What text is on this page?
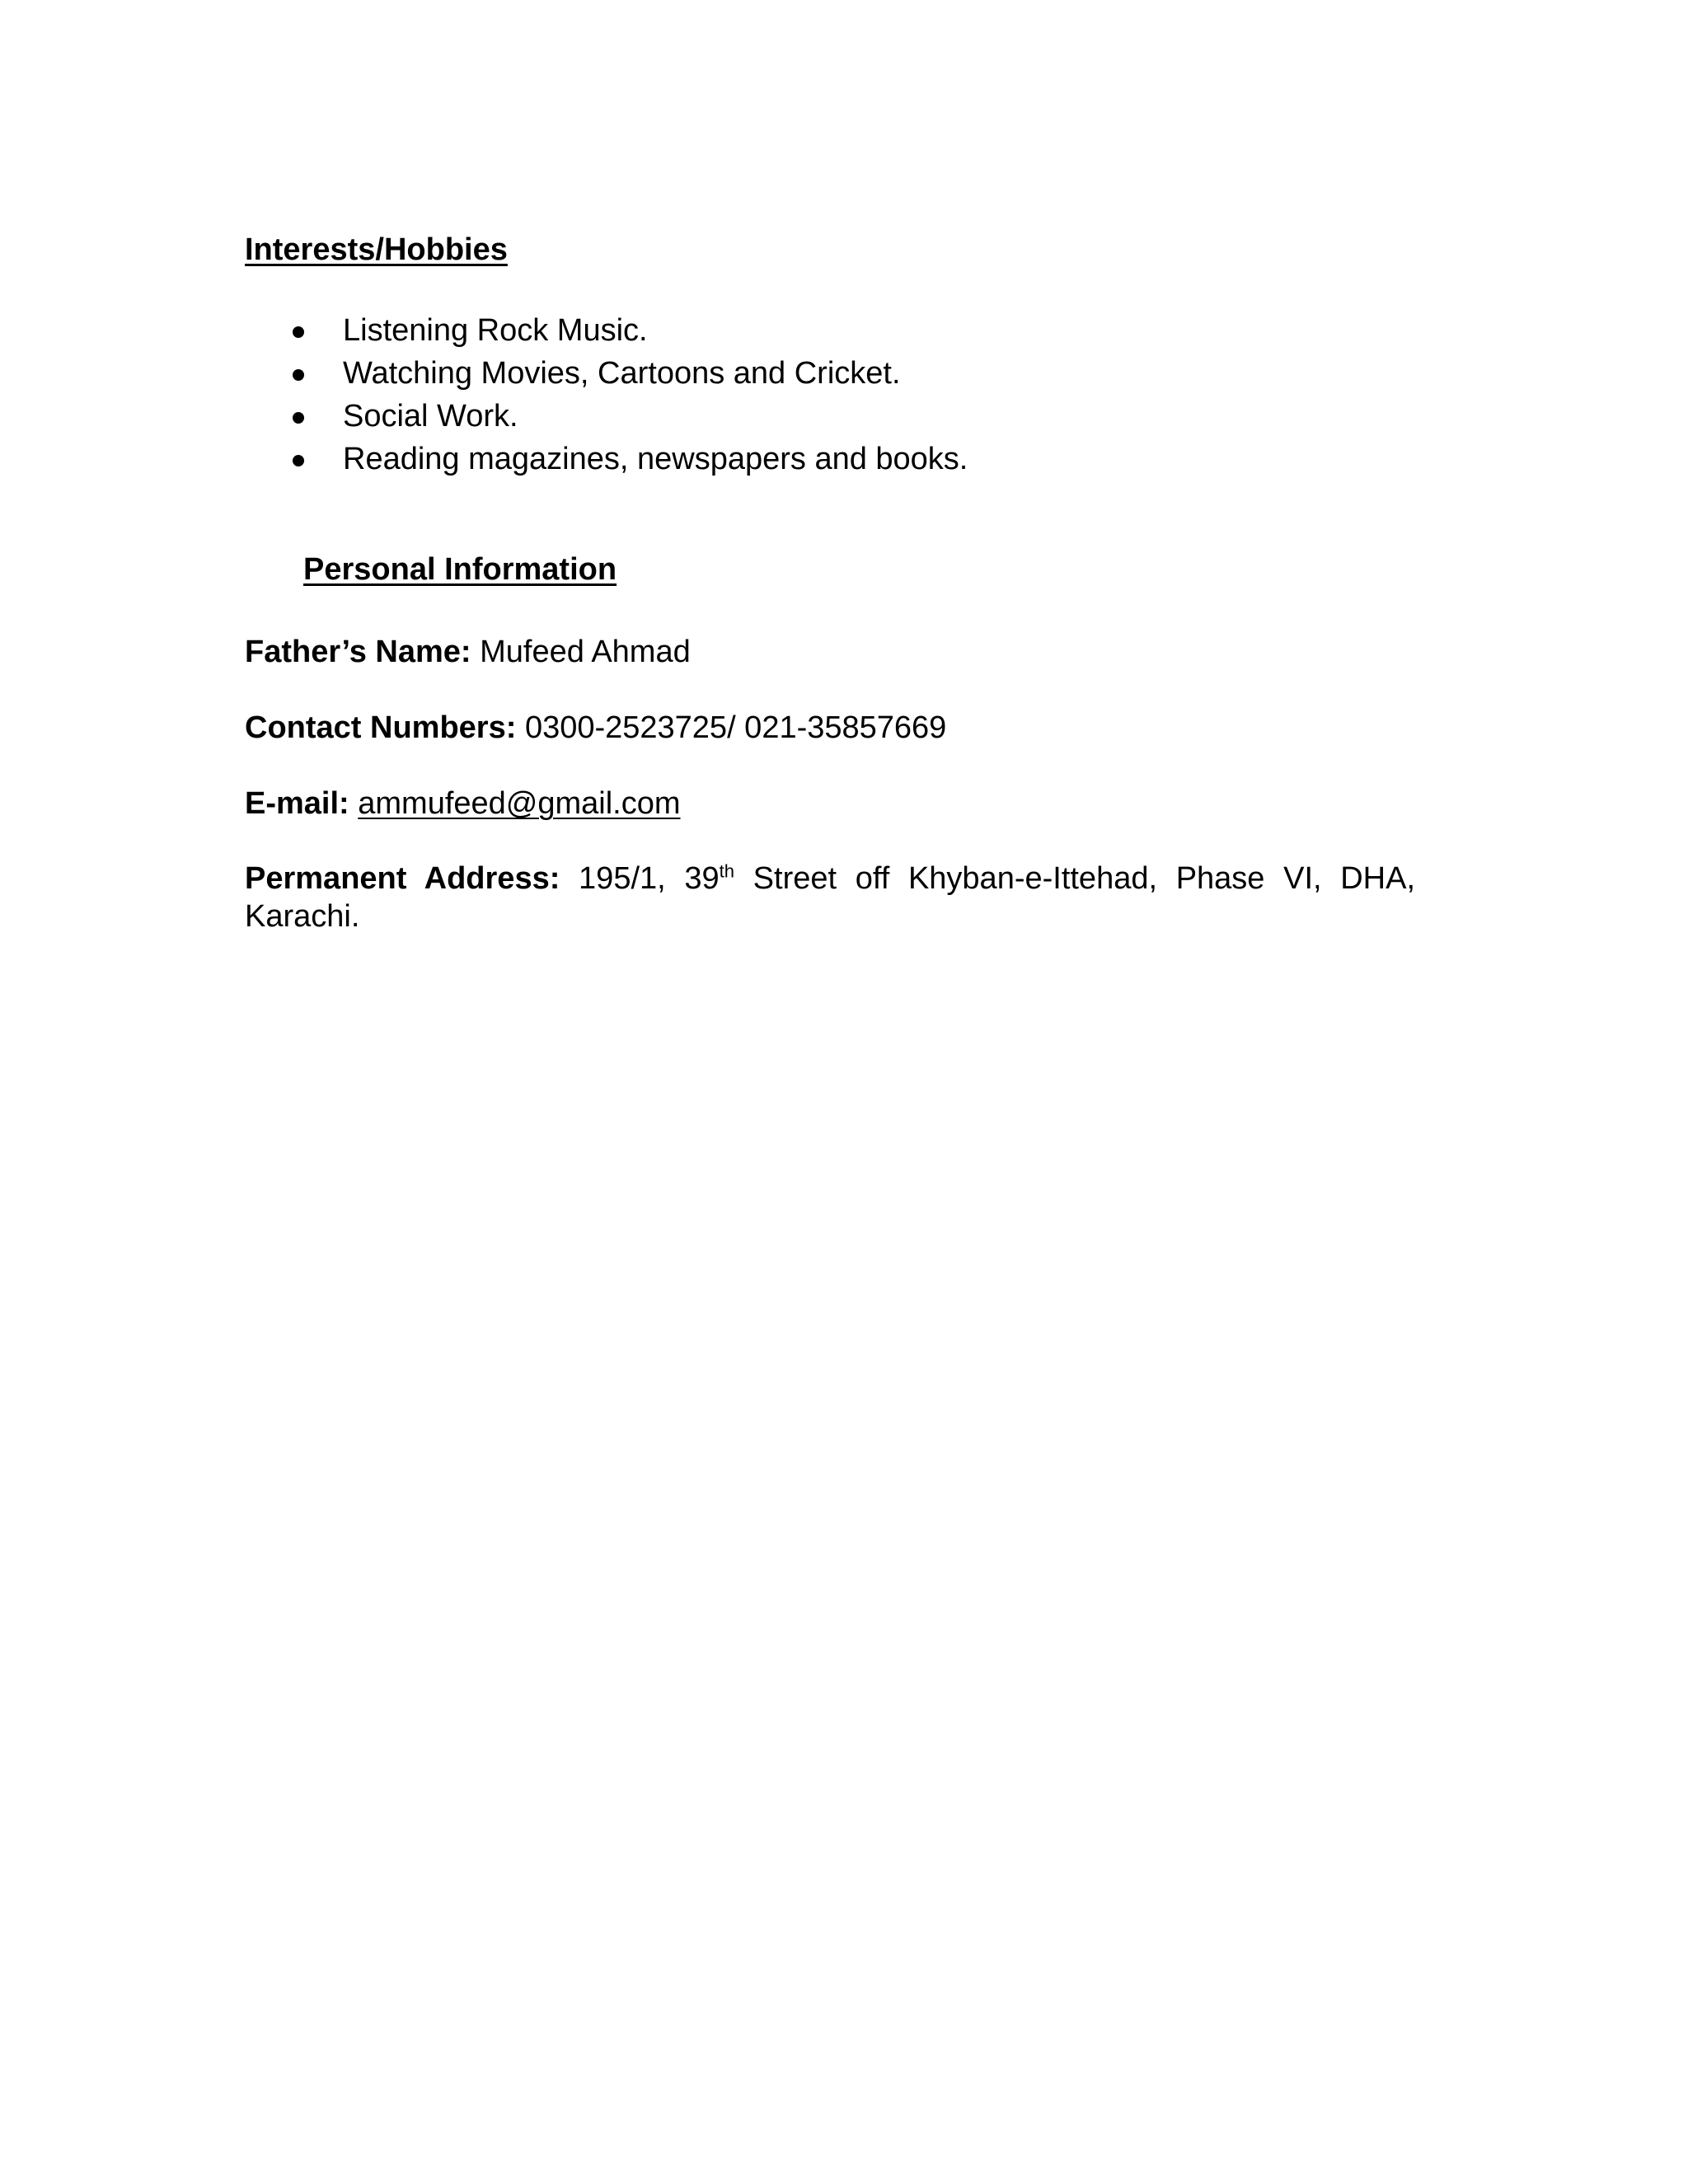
Interests/Hobbies
Listening Rock Music.
Watching Movies, Cartoons and Cricket.
Social Work.
Reading magazines, newspapers and books.
Personal Information

Father’s Name: Mufeed Ahmad

Contact Numbers: 0300-2523725/ 021-35857669

E-mail: ammufeed@gmail.com

Permanent Address: 195/1, 39th Street off Khyban-e-Ittehad, Phase VI, DHA, Karachi.
